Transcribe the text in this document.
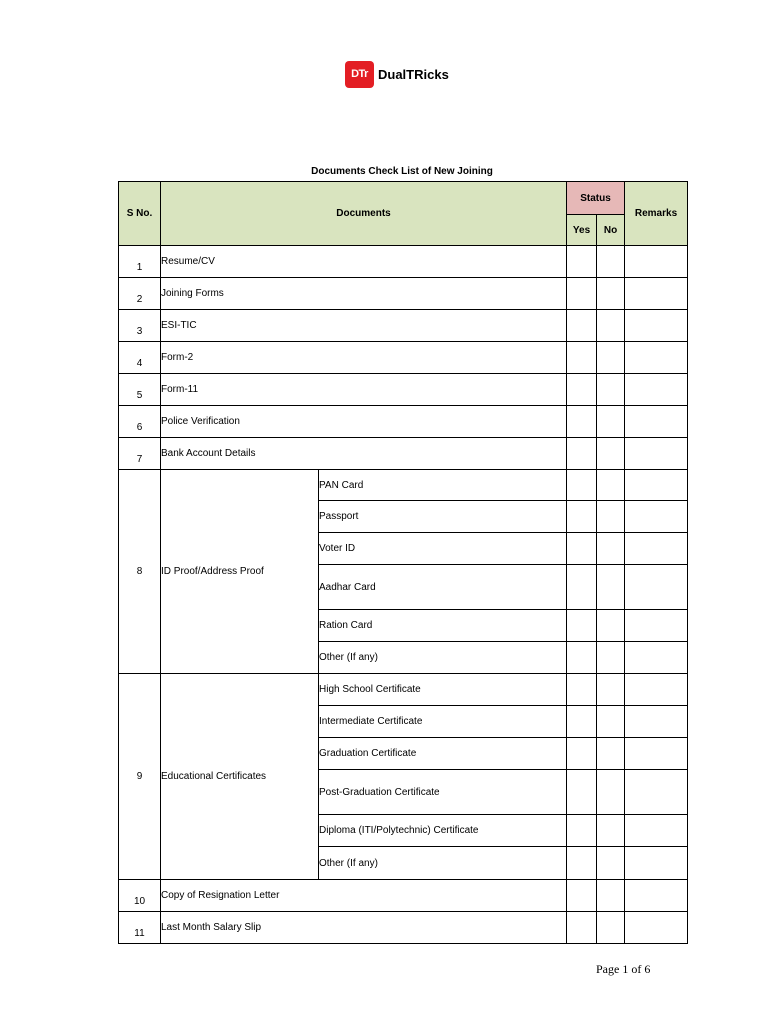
DTr DualTRicks
Documents Check List of New Joining
S No.	Documents		Status		Remarks
			Yes	No	
1	Resume/CV				
2	Joining Forms				
3	ESI-TIC				
4	Form-2				
5	Form-11				
6	Police Verification				
7	Bank Account Details				
8	ID Proof/Address Proof	PAN Card			
		Passport			
		Voter ID			
		Aadhar Card			
		Ration Card			
		Other (If any)			
9	Educational Certificates	High School Certificate			
		Intermediate Certificate			
		Graduation Certificate			
		Post-Graduation Certificate			
		Diploma (ITI/Polytechnic) Certificate			
		Other (If any)			
10	Copy of Resignation Letter				
11	Last Month Salary Slip				
Page 1 of 6
